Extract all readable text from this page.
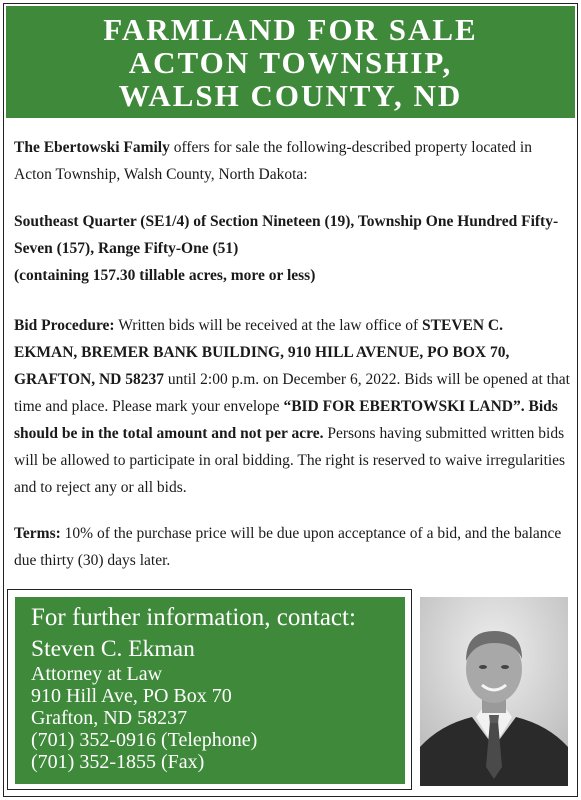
FARMLAND FOR SALE
ACTON TOWNSHIP,
WALSH COUNTY, ND
The Ebertowski Family offers for sale the following-described property located in Acton Township, Walsh County, North Dakota:
Southeast Quarter (SE1/4) of Section Nineteen (19), Township One Hundred Fifty-Seven (157), Range Fifty-One (51)
(containing 157.30 tillable acres, more or less)
Bid Procedure: Written bids will be received at the law office of STEVEN C. EKMAN, BREMER BANK BUILDING, 910 HILL AVENUE, PO BOX 70, GRAFTON, ND 58237 until 2:00 p.m. on December 6, 2022. Bids will be opened at that time and place. Please mark your envelope “BID FOR EBERTOWSKI LAND”. Bids should be in the total amount and not per acre. Persons having submitted written bids will be allowed to participate in oral bidding. The right is reserved to waive irregularities and to reject any or all bids.
Terms: 10% of the purchase price will be due upon acceptance of a bid, and the balance due thirty (30) days later.
For further information, contact:
Steven C. Ekman
Attorney at Law
910 Hill Ave, PO Box 70
Grafton, ND 58237
(701) 352-0916 (Telephone)
(701) 352-1855 (Fax)
